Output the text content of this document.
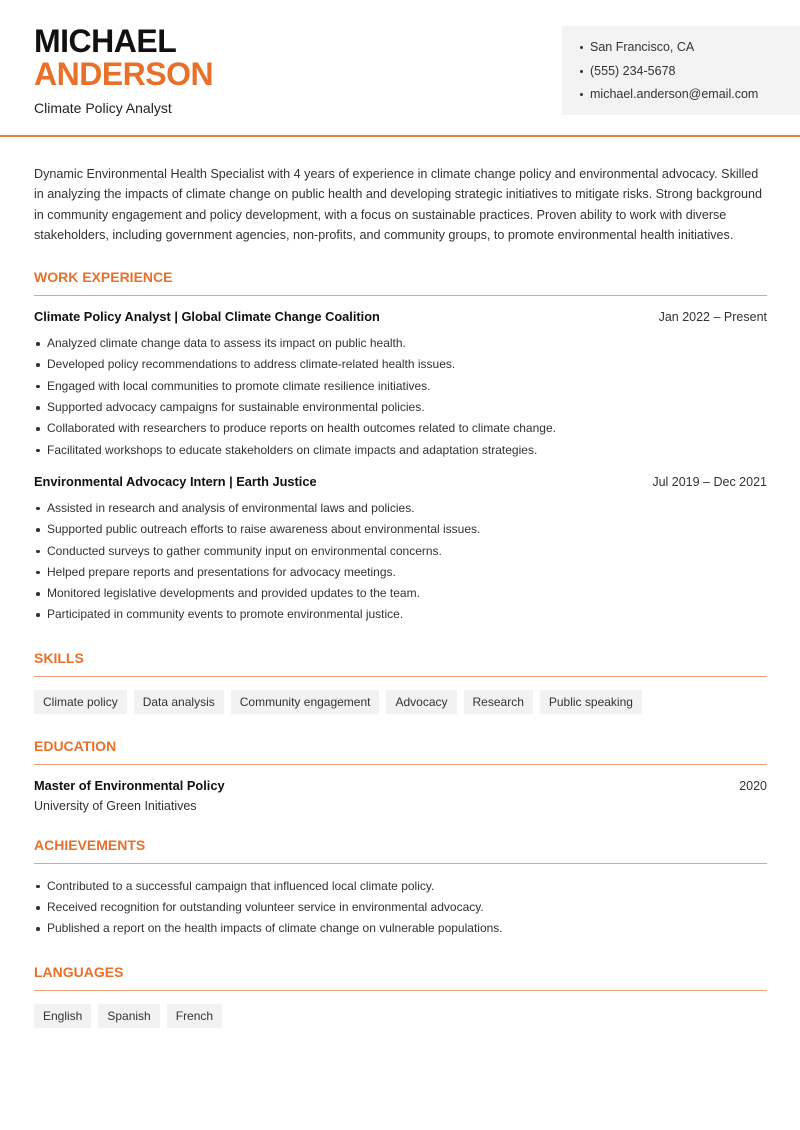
MICHAEL
ANDERSON
Climate Policy Analyst
San Francisco, CA
(555) 234-5678
michael.anderson@email.com

Dynamic Environmental Health Specialist with 4 years of experience in climate change policy and environmental advocacy. Skilled in analyzing the impacts of climate change on public health and developing strategic initiatives to mitigate risks. Strong background in community engagement and policy development, with a focus on sustainable practices. Proven ability to work with diverse stakeholders, including government agencies, non-profits, and community groups, to promote environmental health initiatives.

WORK EXPERIENCE
Climate Policy Analyst | Global Climate Change Coalition	Jan 2022 – Present
Analyzed climate change data to assess its impact on public health.
Developed policy recommendations to address climate-related health issues.
Engaged with local communities to promote climate resilience initiatives.
Supported advocacy campaigns for sustainable environmental policies.
Collaborated with researchers to produce reports on health outcomes related to climate change.
Facilitated workshops to educate stakeholders on climate impacts and adaptation strategies.
Environmental Advocacy Intern | Earth Justice	Jul 2019 – Dec 2021
Assisted in research and analysis of environmental laws and policies.
Supported public outreach efforts to raise awareness about environmental issues.
Conducted surveys to gather community input on environmental concerns.
Helped prepare reports and presentations for advocacy meetings.
Monitored legislative developments and provided updates to the team.
Participated in community events to promote environmental justice.
SKILLS
Climate policy	Data analysis	Community engagement	Advocacy	Research	Public speaking
EDUCATION
Master of Environmental Policy	2020
University of Green Initiatives
ACHIEVEMENTS
Contributed to a successful campaign that influenced local climate policy.
Received recognition for outstanding volunteer service in environmental advocacy.
Published a report on the health impacts of climate change on vulnerable populations.
LANGUAGES
English	Spanish	French
